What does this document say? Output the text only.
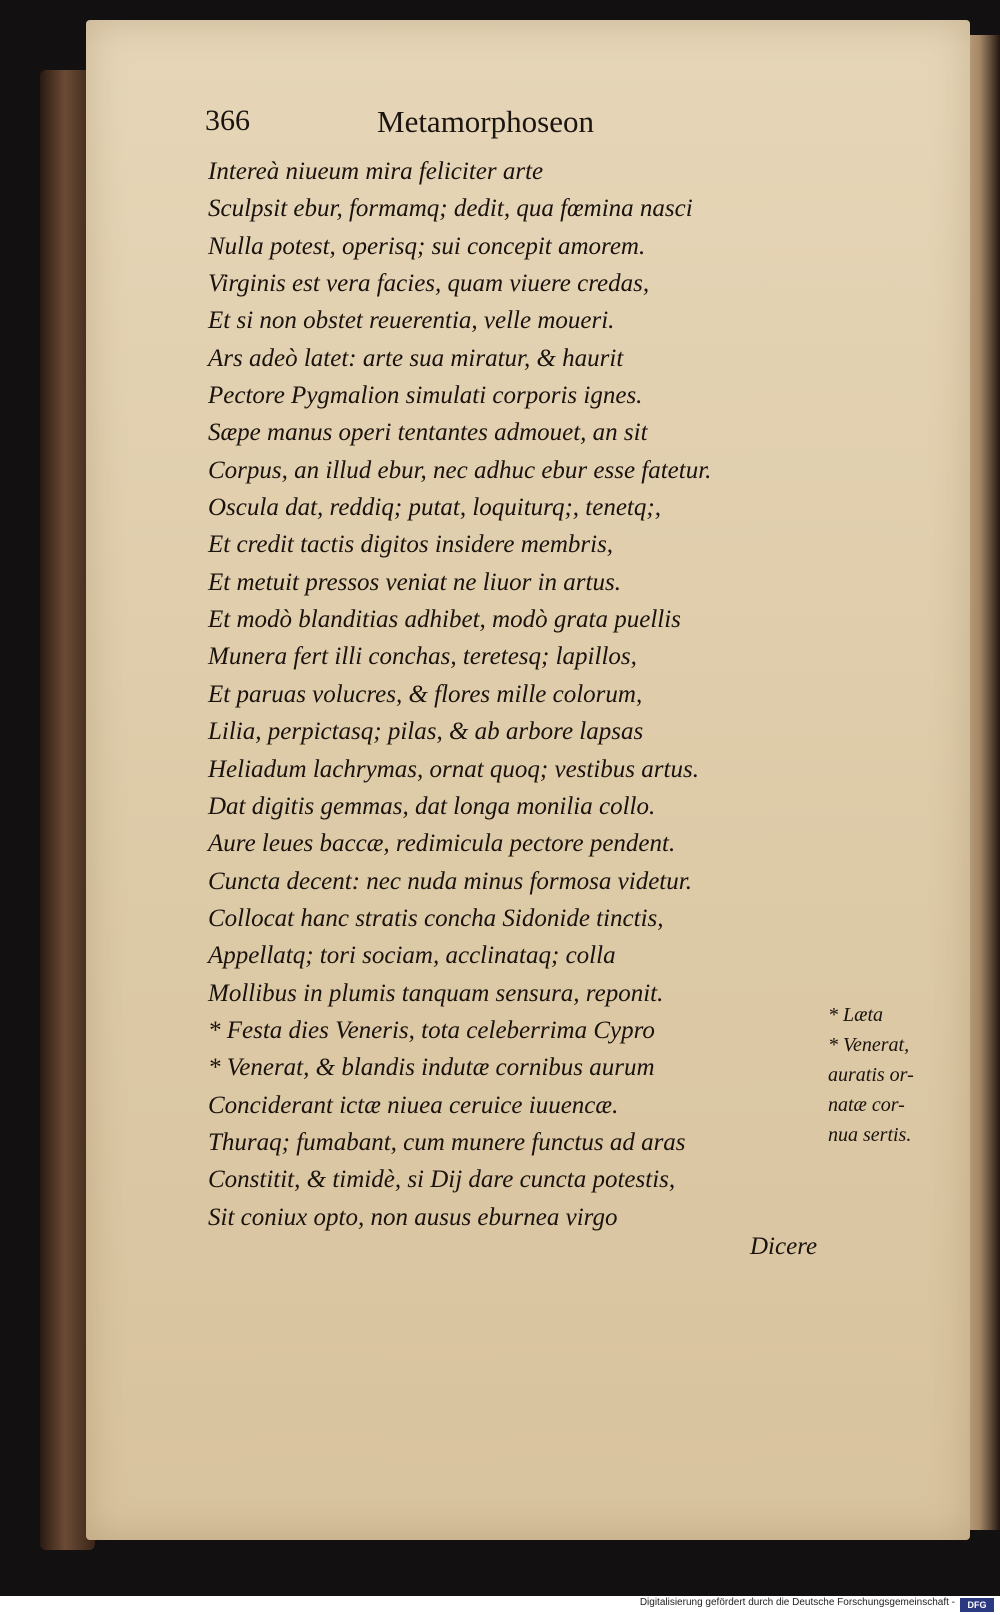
366	Metamorphoseon
Intereà niueum mira feliciter arte
Sculpsit ebur, formamq; dedit, qua fœmina nasci
Nulla potest, operisq; sui concepit amorem.
Virginis est vera facies, quam viuere credas,
Et si non obstet reuerentia, velle moueri.
Ars adeò latet: arte sua miratur, & haurit
Pectore Pygmalion simulati corporis ignes.
Sæpe manus operi tentantes admouet, an sit
Corpus, an illud ebur, nec adhuc ebur esse fatetur.
Oscula dat, reddiq; putat, loquiturq;, tenetq;,
Et credit tactis digitos insidere membris,
Et metuit pressos veniat ne liuor in artus.
Et modò blanditias adhibet, modò grata puellis
Munera fert illi conchas, teretesq; lapillos,
Et paruas volucres, & flores mille colorum,
Lilia, perpictasq; pilas, & ab arbore lapsas
Heliadum lachrymas, ornat quoq; vestibus artus.
Dat digitis gemmas, dat longa monilia collo.
Aure leues baccæ, redimicula pectore pendent.
Cuncta decent: nec nuda minus formosa videtur.
Collocat hanc stratis concha Sidonide tinctis,
Appellatq; tori sociam, acclinataq; colla
Mollibus in plumis tanquam sensura, reponit.
* Festa dies Veneris, tota celeberrima Cypro
* Venerat, & blandis indutæ cornibus aurum
Conciderant ictæ niuea ceruice iuuencæ.
Thuraq; fumabant, cum munere functus ad aras
Constitit, & timidè, si Dij dare cuncta potestis,
Sit coniux opto, non ausus eburnea virgo
* Læta
* Venerat,
auratis or-
natæ cor-
nua sertis.
Dicere
Digitalisierung gefördert durch die Deutsche Forschungsgemeinschaft -	DFG
